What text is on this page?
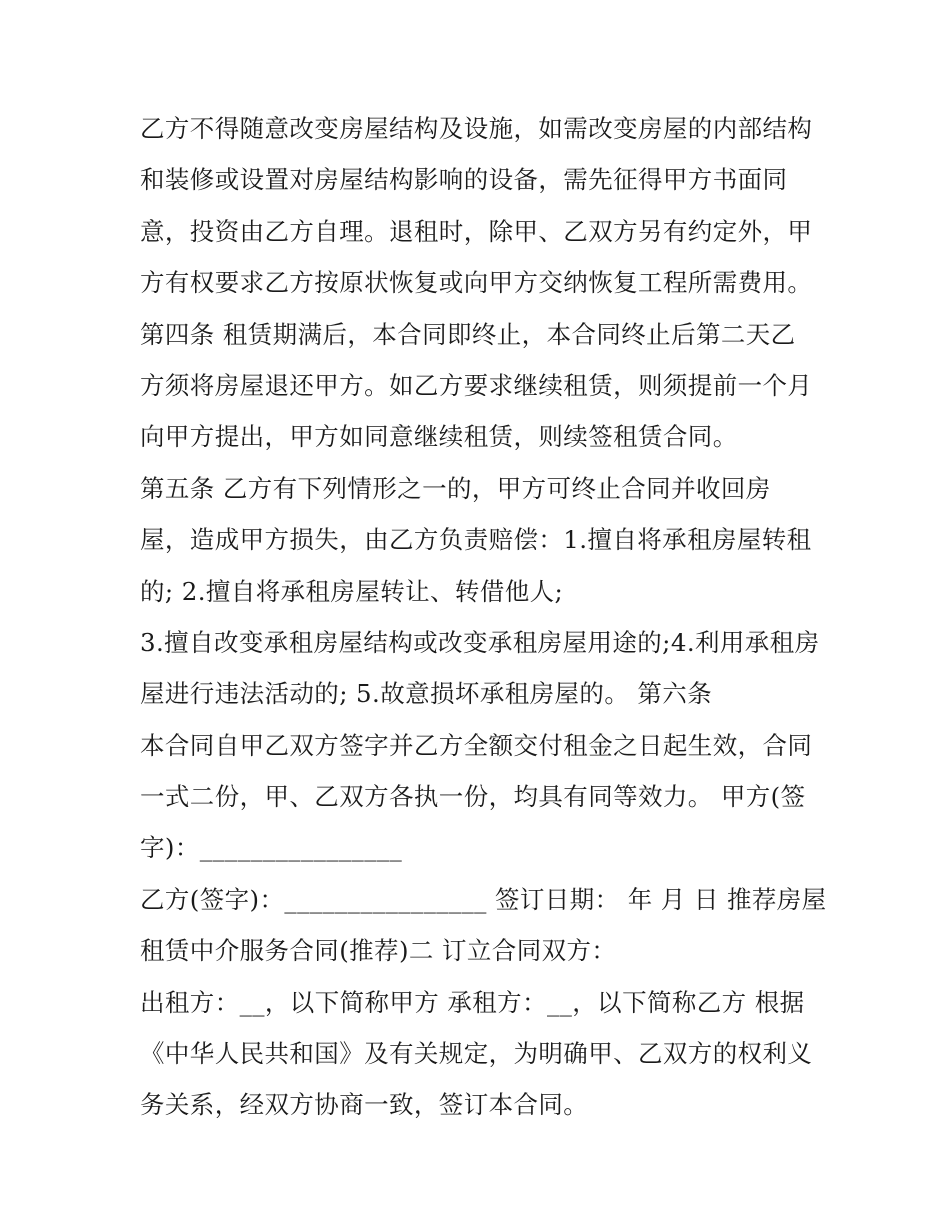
乙方不得随意改变房屋结构及设施，如需改变房屋的内部结构
和装修或设置对房屋结构影响的设备，需先征得甲方书面同
意，投资由乙方自理。退租时，除甲、乙双方另有约定外，甲
方有权要求乙方按原状恢复或向甲方交纳恢复工程所需费用。
第四条 租赁期满后，本合同即终止，本合同终止后第二天乙
方须将房屋退还甲方。如乙方要求继续租赁，则须提前一个月
向甲方提出，甲方如同意继续租赁，则续签租赁合同。
第五条 乙方有下列情形之一的，甲方可终止合同并收回房
屋，造成甲方损失，由乙方负责赔偿：1.擅自将承租房屋转租
的; 2.擅自将承租房屋转让、转借他人;
3.擅自改变承租房屋结构或改变承租房屋用途的;4.利用承租房
屋进行违法活动的; 5.故意损坏承租房屋的。 第六条
本合同自甲乙双方签字并乙方全额交付租金之日起生效，合同
一式二份，甲、乙双方各执一份，均具有同等效力。 甲方(签
字)：________________
乙方(签字)：________________ 签订日期： 年 月 日 推荐房屋
租赁中介服务合同(推荐)二 订立合同双方：
出租方：__，以下简称甲方 承租方：__，以下简称乙方 根据
《中华人民共和国》及有关规定，为明确甲、乙双方的权利义
务关系，经双方协商一致，签订本合同。
